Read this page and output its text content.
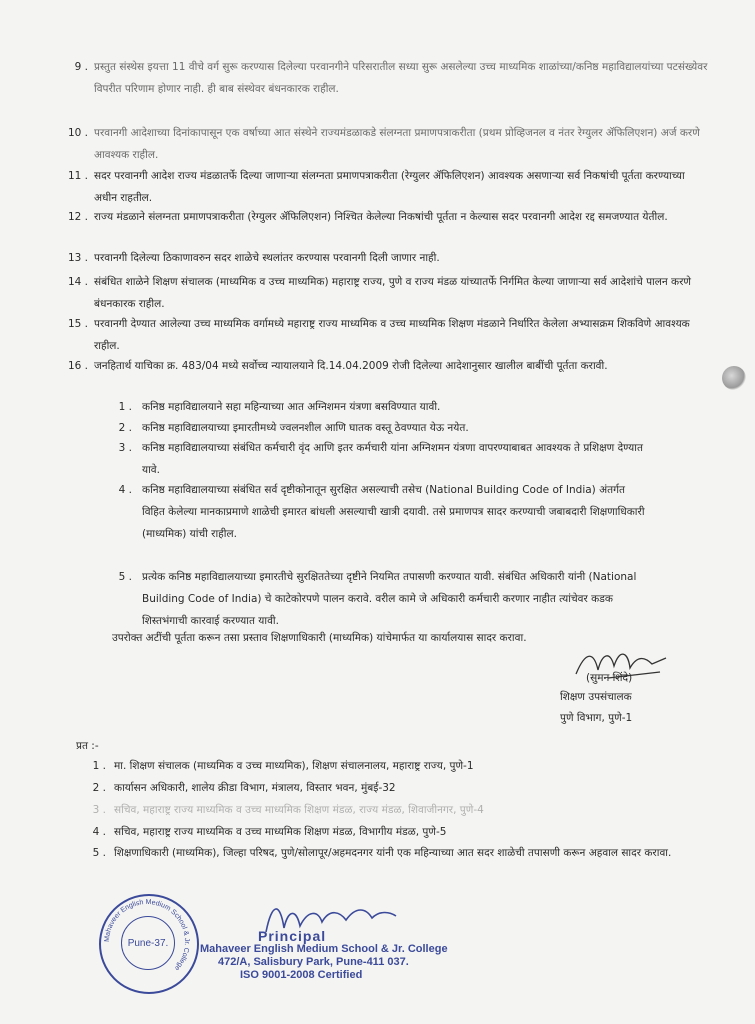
9 . प्रस्तुत संस्थेस इयत्ता 11 वीचे वर्ग सुरू करण्यास दिलेल्या परवानगीने परिसरातील सध्या सुरू असलेल्या उच्च माध्यमिक शाळांच्या/कनिष्ठ महाविद्यालयांच्या पटसंख्येवर विपरीत परिणाम होणार नाही. ही बाब संस्थेवर बंधनकारक राहील.
10 . परवानगी आदेशाच्या दिनांकापासून एक वर्षाच्या आत संस्थेने राज्यमंडळाकडे संलग्नता प्रमाणपत्राकरीता (प्रथम प्रोव्हिजनल व नंतर रेग्युलर ॲफिलिएशन) अर्ज करणे आवश्यक राहील.
11 . सदर परवानगी आदेश राज्य मंडळातर्फे दिल्या जाणाऱ्या संलग्नता प्रमाणपत्राकरीता (रेग्युलर ॲफिलिएशन) आवश्यक असणाऱ्या सर्व निकषांची पूर्तता करण्याच्या अधीन राहतील.
12 . राज्य मंडळाने संलग्नता प्रमाणपत्राकरीता (रेग्युलर ॲफिलिएशन) निश्चित केलेल्या निकषांची पूर्तता न केल्यास सदर परवानगी आदेश रद्द समजण्यात येतील.
13 . परवानगी दिलेल्या ठिकाणावरुन सदर शाळेचे स्थलांतर करण्यास परवानगी दिली जाणार नाही.
14 . संबंधित शाळेने शिक्षण संचालक (माध्यमिक व उच्च माध्यमिक) महाराष्ट्र राज्य, पुणे व राज्य मंडळ यांच्यातर्फे निर्गमित केल्या जाणाऱ्या सर्व आदेशांचे पालन करणे बंधनकारक राहील.
15 . परवानगी देण्यात आलेल्या उच्च माध्यमिक वर्गामध्ये महाराष्ट्र राज्य माध्यमिक व उच्च माध्यमिक शिक्षण मंडळाने निर्धारित केलेला अभ्यासक्रम शिकविणे आवश्यक राहील.
16 . जनहितार्थ याचिका क्र. 483/04 मध्ये सर्वोच्च न्यायालयाने दि.14.04.2009 रोजी दिलेल्या आदेशानुसार खालील बाबींची पूर्तता करावी.
1 . कनिष्ठ महाविद्यालयाने सहा महिन्याच्या आत अग्निशमन यंत्रणा बसविण्यात यावी.
2 . कनिष्ठ महाविद्यालयाच्या इमारतीमध्ये ज्वलनशील आणि घातक वस्तू ठेवण्यात येऊ नयेत.
3 . कनिष्ठ महाविद्यालयाच्या संबंधित कर्मचारी वृंद आणि इतर कर्मचारी यांना अग्निशमन यंत्रणा वापरण्याबाबत आवश्यक ते प्रशिक्षण देण्यात यावे.
4 . कनिष्ठ महाविद्यालयाच्या संबंधित सर्व दृष्टीकोनातून सुरक्षित असल्याची तसेच (National Building Code of India) अंतर्गत विहित केलेल्या मानकाप्रमाणे शाळेची इमारत बांधली असल्याची खात्री दयावी. तसे प्रमाणपत्र सादर करण्याची जबाबदारी शिक्षणाधिकारी (माध्यमिक) यांची राहील.
5 . प्रत्येक कनिष्ठ महाविद्यालयाच्या इमारतीचे सुरक्षिततेच्या दृष्टीने नियमित तपासणी करण्यात यावी. संबंधित अधिकारी यांनी (National Building Code of India) चे काटेकोरपणे पालन करावे. वरील कामे जे अधिकारी कर्मचारी करणार नाहीत त्यांचेवर कडक शिस्तभंगाची कारवाई करण्यात यावी.
उपरोक्त अटींची पूर्तता करून तसा प्रस्ताव शिक्षणाधिकारी (माध्यमिक) यांचेमार्फत या कार्यालयास सादर करावा.
(सुमन शिंदे)
शिक्षण उपसंचालक
पुणे विभाग, पुणे-1
प्रत :-
1 . मा. शिक्षण संचालक (माध्यमिक व उच्च माध्यमिक), शिक्षण संचालनालय, महाराष्ट्र राज्य, पुणे-1
2 . कार्यासन अधिकारी, शालेय क्रीडा विभाग, मंत्रालय, विस्तार भवन, मुंबई-32
3 . सचिव, महाराष्ट्र राज्य माध्यमिक व उच्च माध्यमिक शिक्षण मंडळ, राज्य मंडळ, शिवाजीनगर, पुणे-4
4 . सचिव, महाराष्ट्र राज्य माध्यमिक व उच्च माध्यमिक शिक्षण मंडळ, विभागीय मंडळ, पुणे-5
5 . शिक्षणाधिकारी (माध्यमिक), जिल्हा परिषद, पुणे/सोलापूर/अहमदनगर यांनी एक महिन्याच्या आत सदर शाळेची तपासणी करून अहवाल सादर करावा.
Mahaveer English Medium School & Jr. College
Pune-37.	Principal
Mahaveer English Medium School & Jr. College
472/A, Salisbury Park, Pune-411 037.
ISO 9001-2008 Certified
